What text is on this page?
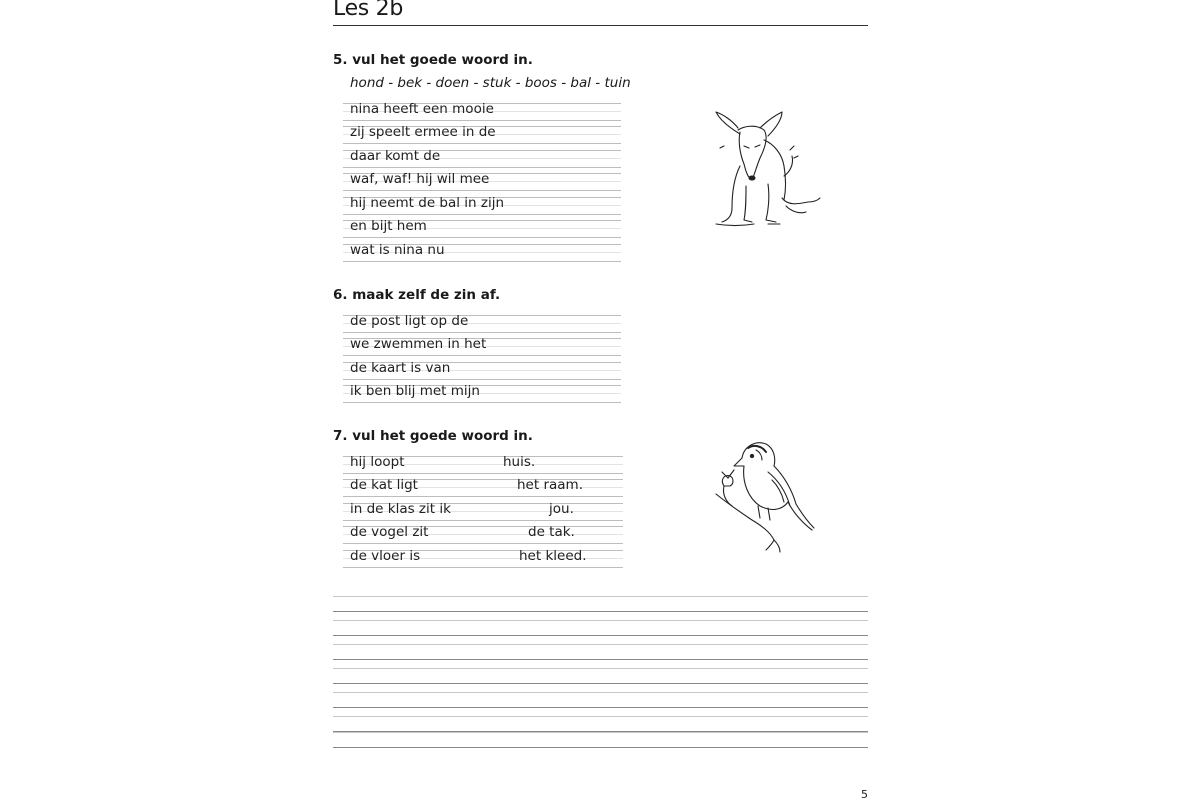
Les 2b
5. vul het goede woord in.
hond - bek - doen - stuk - boos - bal - tuin
nina heeft een mooie
zij speelt ermee in de
daar komt de
waf, waf! hij wil mee
hij neemt de bal in zijn
en bijt hem
wat is nina nu
6. maak zelf de zin af.
de post ligt op de
we zwemmen in het
de kaart is van
ik ben blij met mijn
7. vul het goede woord in.
hij loopt	huis.
de kat ligt	het raam.
in de klas zit ik	jou.
de vogel zit	de tak.
de vloer is	het kleed.
5
